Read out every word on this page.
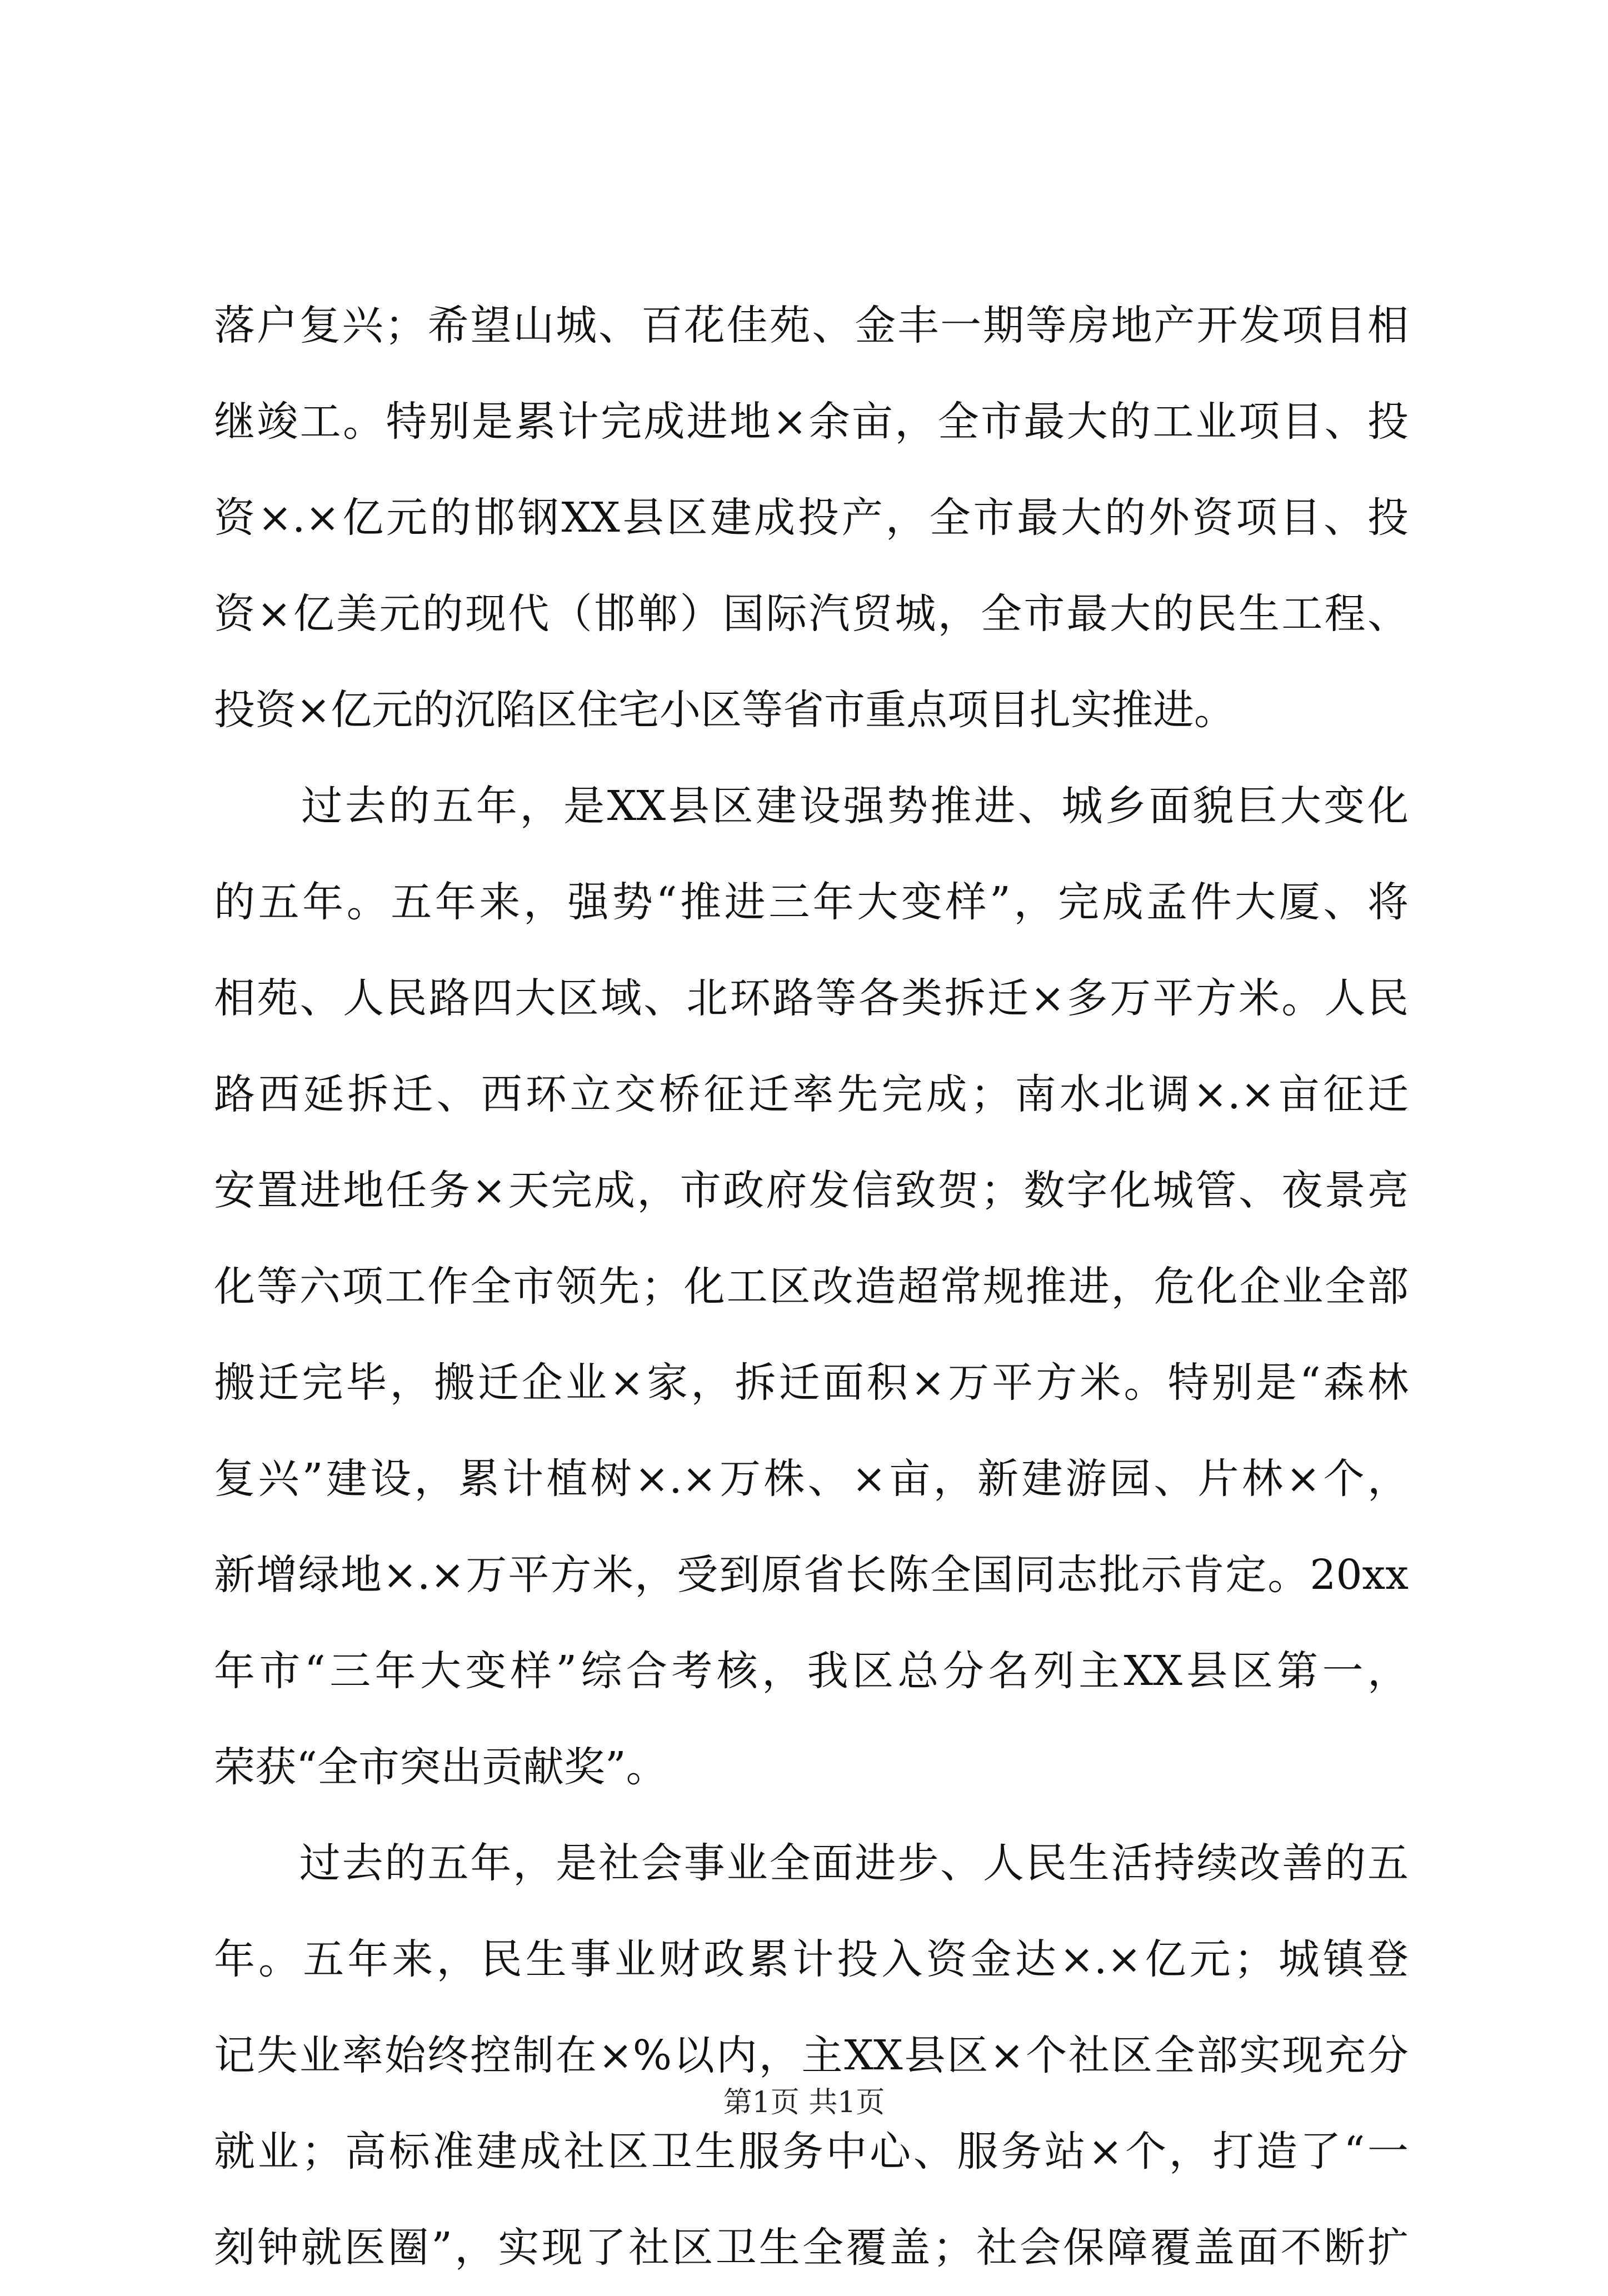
落户复兴；希望山城、百花佳苑、金丰一期等房地产开发项目相
继竣工。特别是累计完成进地×余亩，全市最大的工业项目、投
资×.×亿元的邯钢XX县区建成投产，全市最大的外资项目、投
资×亿美元的现代（邯郸）国际汽贸城，全市最大的民生工程、
投资×亿元的沉陷区住宅小区等省市重点项目扎实推进。
　　过去的五年，是XX县区建设强势推进、城乡面貌巨大变化
的五年。五年来，强势“推进三年大变样”，完成孟件大厦、将
相苑、人民路四大区域、北环路等各类拆迁×多万平方米。人民
路西延拆迁、西环立交桥征迁率先完成；南水北调×.×亩征迁
安置进地任务×天完成，市政府发信致贺；数字化城管、夜景亮
化等六项工作全市领先；化工区改造超常规推进，危化企业全部
搬迁完毕，搬迁企业×家，拆迁面积×万平方米。特别是“森林
复兴”建设，累计植树×.×万株、×亩，新建游园、片林×个，
新增绿地×.×万平方米，受到原省长陈全国同志批示肯定。20xx
年市“三年大变样”综合考核，我区总分名列主XX县区第一，
荣获“全市突出贡献奖”。
　　过去的五年，是社会事业全面进步、人民生活持续改善的五
年。五年来，民生事业财政累计投入资金达×.×亿元；城镇登
记失业率始终控制在×%以内，主XX县区×个社区全部实现充分
就业；高标准建成社区卫生服务中心、服务站×个，打造了“一
刻钟就医圈”，实现了社区卫生全覆盖；社会保障覆盖面不断扩
第1页 共1页
